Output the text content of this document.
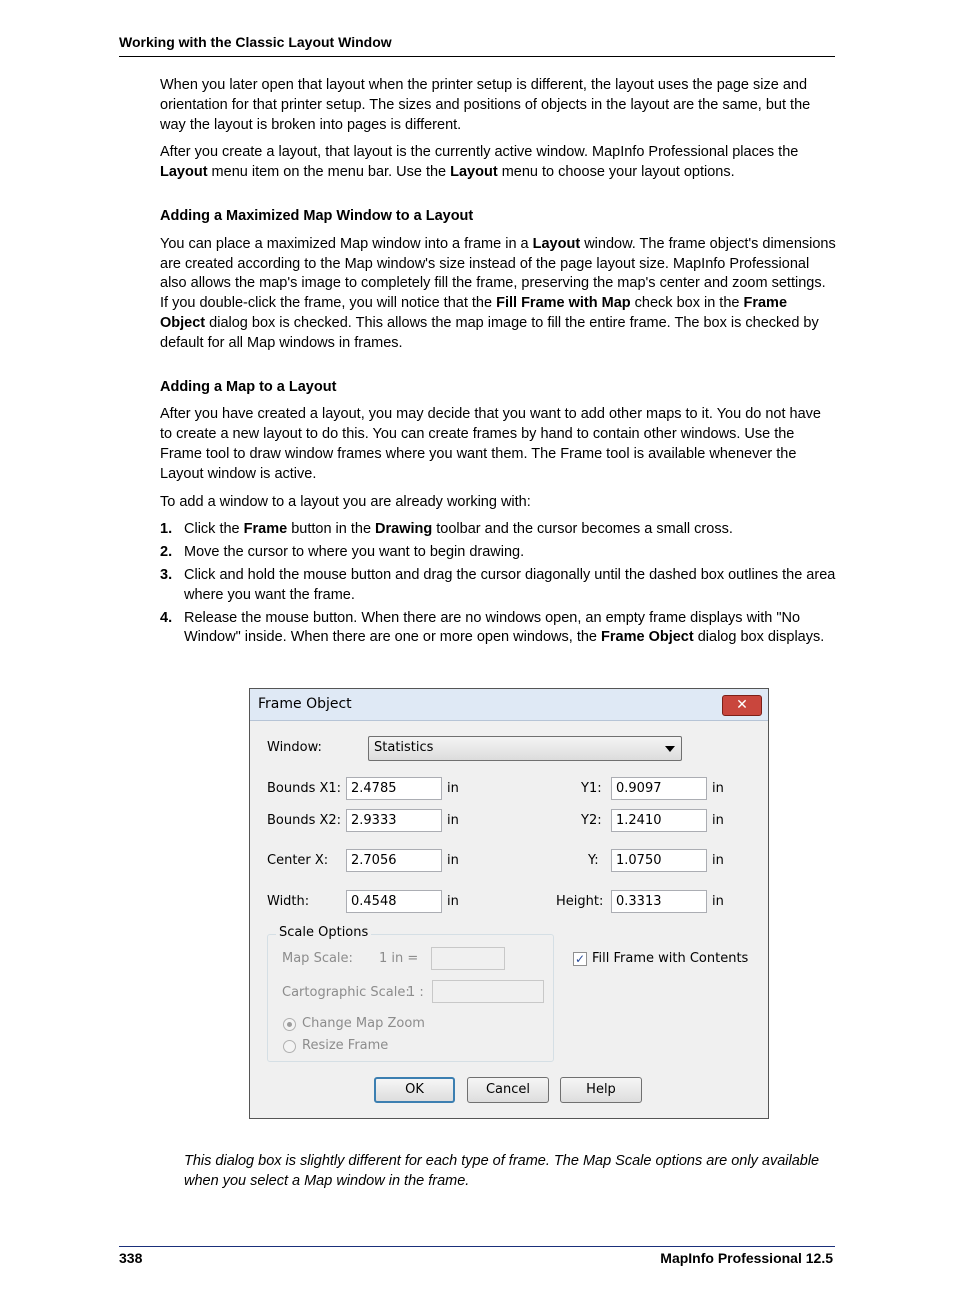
Working with the Classic Layout Window

When you later open that layout when the printer setup is different, the layout uses the page size and orientation for that printer setup. The sizes and positions of objects in the layout are the same, but the way the layout is broken into pages is different.

After you create a layout, that layout is the currently active window. MapInfo Professional places the Layout menu item on the menu bar. Use the Layout menu to choose your layout options.

Adding a Maximized Map Window to a Layout

You can place a maximized Map window into a frame in a Layout window. The frame object's dimensions are created according to the Map window's size instead of the page layout size. MapInfo Professional also allows the map's image to completely fill the frame, preserving the map's center and zoom settings. If you double-click the frame, you will notice that the Fill Frame with Map check box in the Frame Object dialog box is checked. This allows the map image to fill the entire frame. The box is checked by default for all Map windows in frames.

Adding a Map to a Layout

After you have created a layout, you may decide that you want to add other maps to it. You do not have to create a new layout to do this. You can create frames by hand to contain other windows. Use the Frame tool to draw window frames where you want them. The Frame tool is available whenever the Layout window is active.

To add a window to a layout you are already working with:

1. Click the Frame button in the Drawing toolbar and the cursor becomes a small cross.
2. Move the cursor to where you want to begin drawing.
3. Click and hold the mouse button and drag the cursor diagonally until the dashed box outlines the area where you want the frame.
4. Release the mouse button. When there are no windows open, an empty frame displays with "No Window" inside. When there are one or more open windows, the Frame Object dialog box displays.
Frame Object	✕
Window:	Statistics
Bounds X1: 2.4785	in	Y1:	0.9097	in
Bounds X2: 2.9333	in	Y2:	1.2410	in
Center X:	2.7056	in	Y:	1.0750	in
Width:	0.4548	in	Height: 0.3313	in
Scale Options
Map Scale: 1 in =
Cartographic Scale:
1 :
Change Map Zoom
Resize Frame
✓ Fill Frame with Contents
OK	Cancel	Help
This dialog box is slightly different for each type of frame. The Map Scale options are only available when you select a Map window in the frame.
338	MapInfo Professional 12.5
